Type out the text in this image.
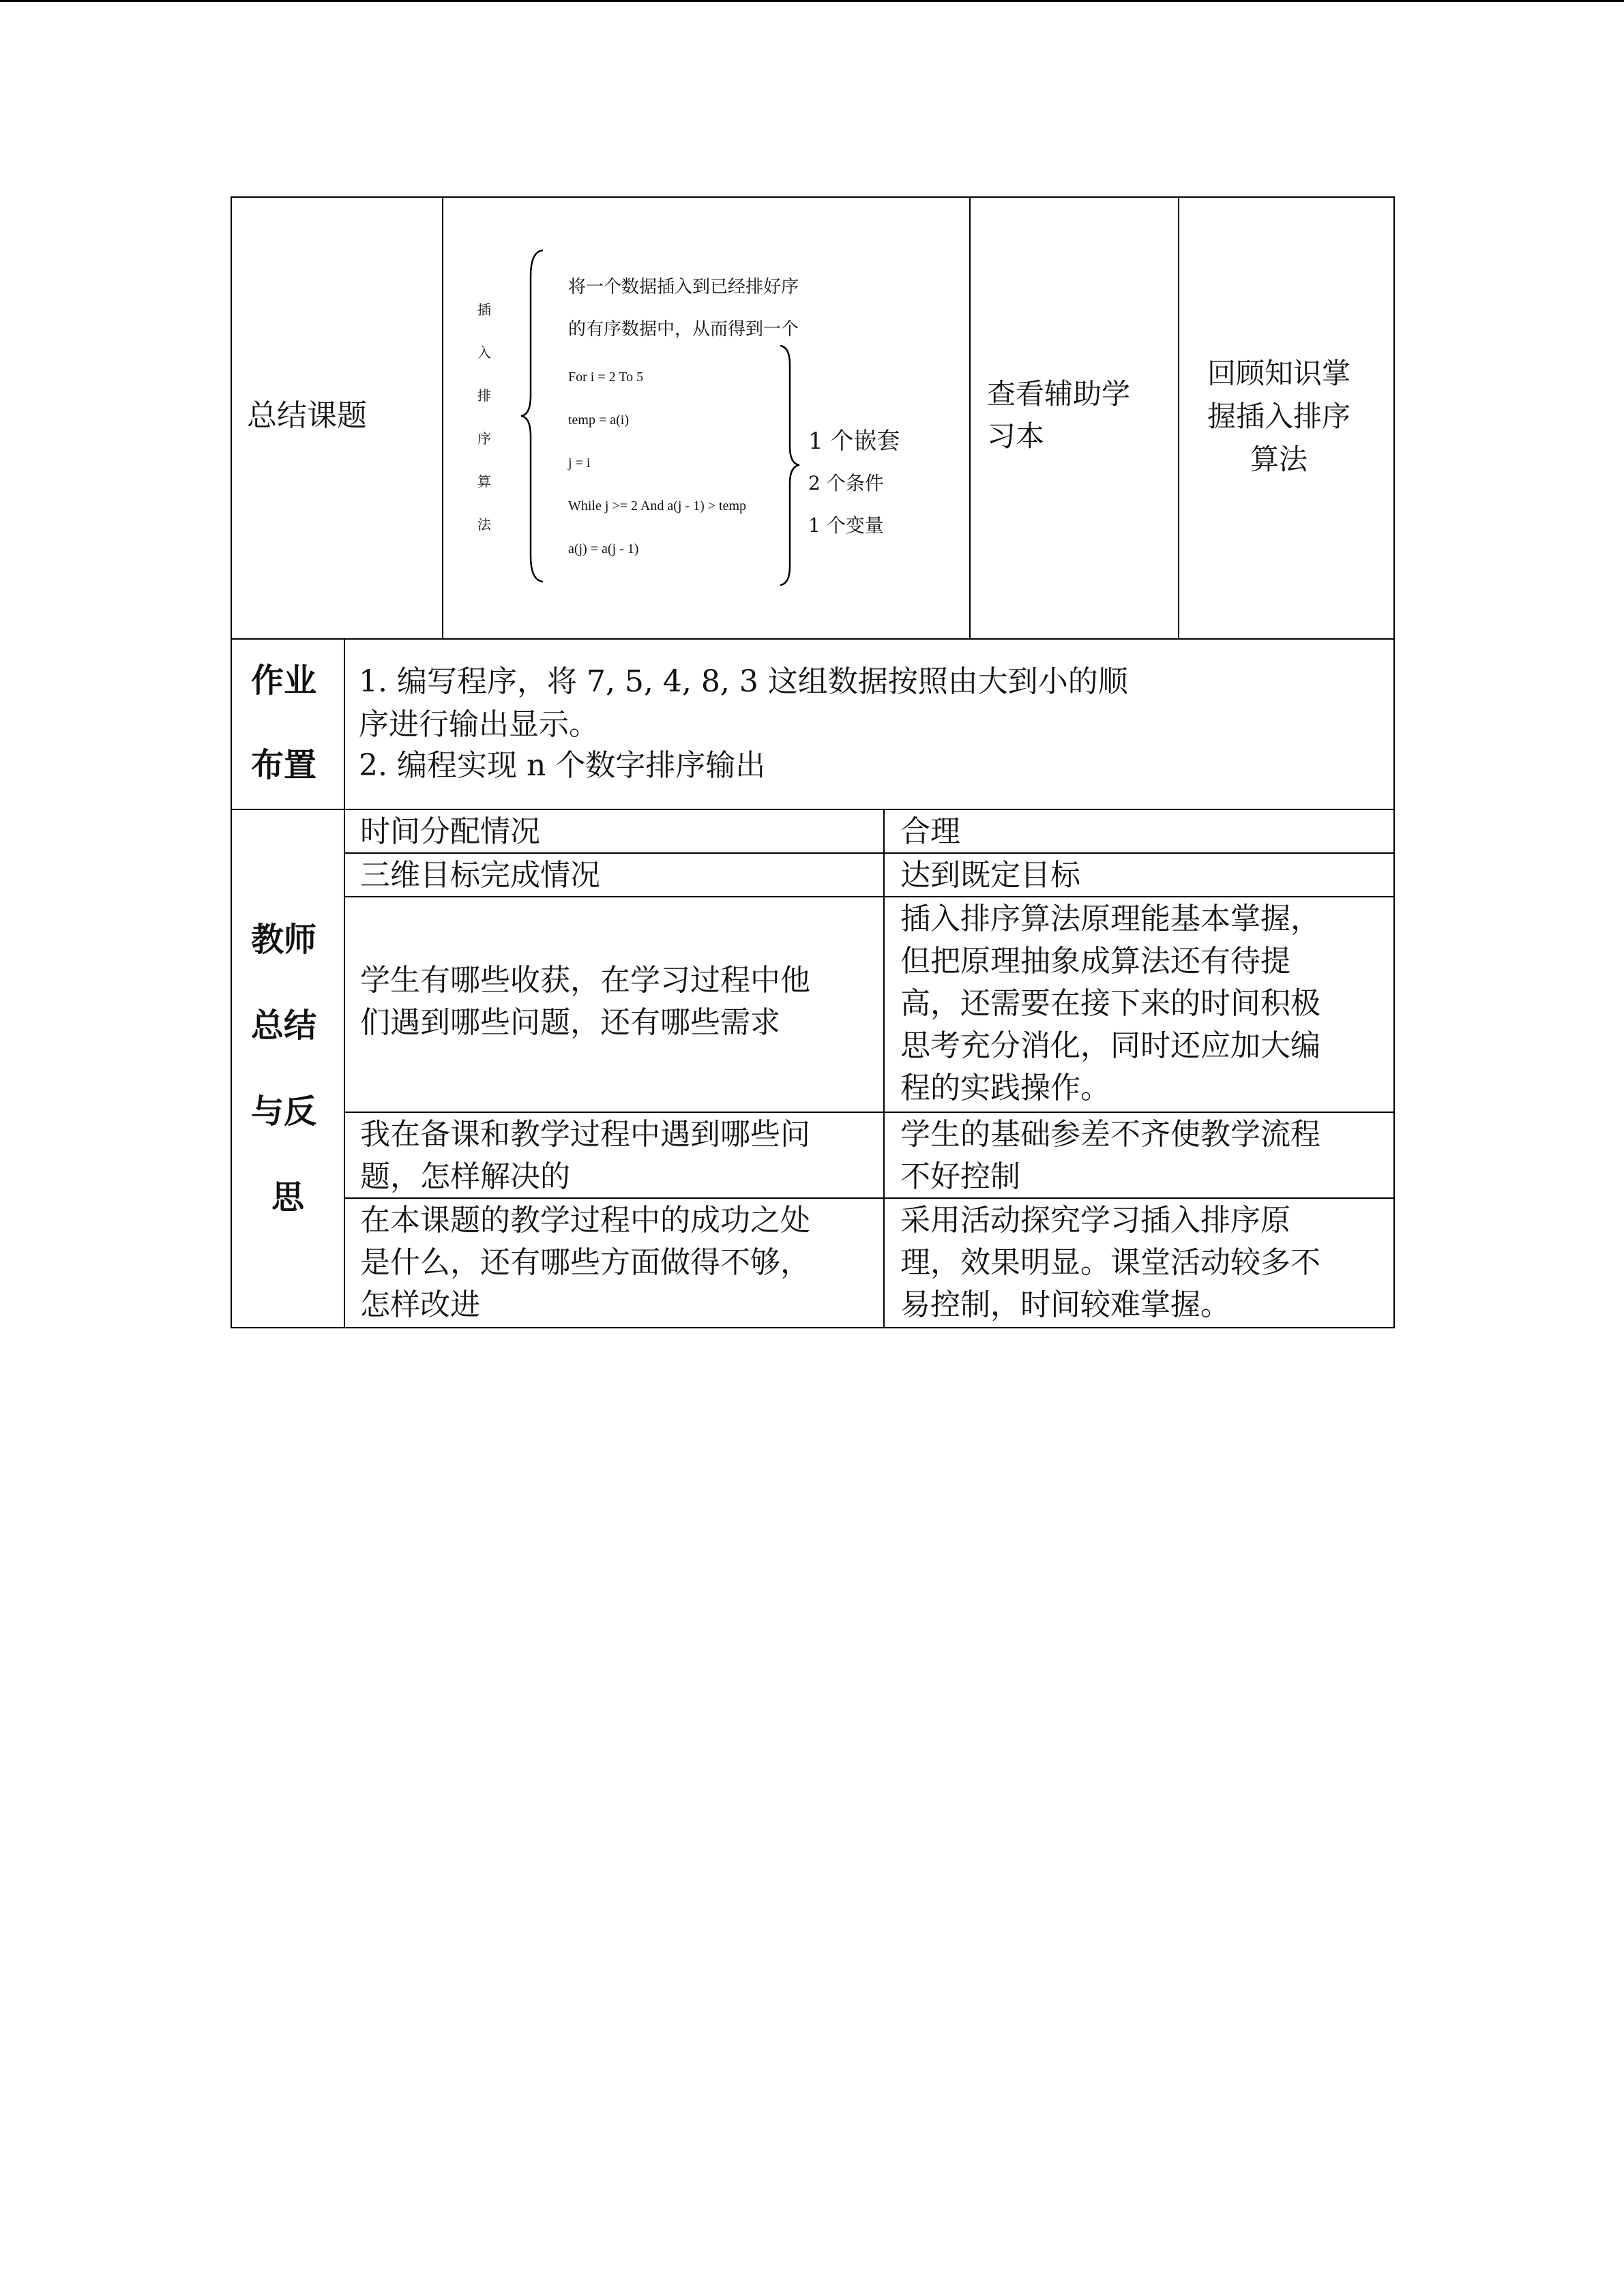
总结课题
插
入
排
序
算
法
将一个数据插入到已经排好序
的有序数据中，从而得到一个
For i = 2 To 5
temp = a(i)
j = i
While j >= 2 And a(j - 1) > temp
a(j) = a(j - 1)
1 个嵌套
2 个条件
1 个变量
查看辅助学
习本
回顾知识掌
握插入排序
算法
作业
布置
1. 编写程序，将 7, 5, 4, 8, 3 这组数据按照由大到小的顺
序进行输出显示。
2. 编程实现 n 个数字排序输出
教师
总结
与反
思
时间分配情况	合理
三维目标完成情况	达到既定目标
学生有哪些收获，在学习过程中他
们遇到哪些问题，还有哪些需求
插入排序算法原理能基本掌握，
但把原理抽象成算法还有待提
高，还需要在接下来的时间积极
思考充分消化，同时还应加大编
程的实践操作。
我在备课和教学过程中遇到哪些问
题，怎样解决的
学生的基础参差不齐使教学流程
不好控制
在本课题的教学过程中的成功之处
是什么，还有哪些方面做得不够，
怎样改进
采用活动探究学习插入排序原
理，效果明显。课堂活动较多不
易控制，时间较难掌握。
